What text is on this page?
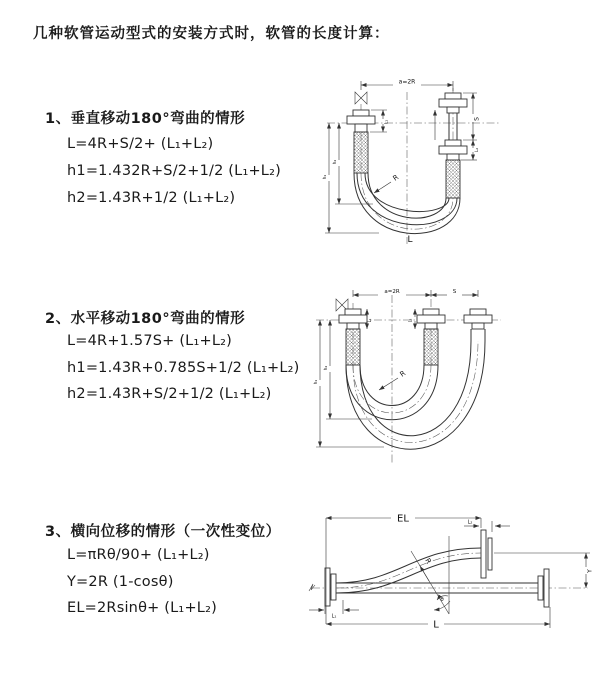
几种软管运动型式的安装方式时，软管的长度计算：
1、垂直移动180°弯曲的情形
L=4R+S/2+ (L₁+L₂)
h1=1.432R+S/2+1/2 (L₁+L₂)
h2=1.43R+1/2 (L₁+L₂)
a=2R
S
L₂
L₁
h₁
h₂
R
L
2、水平移动180°弯曲的情形
L=4R+1.57S+ (L₁+L₂)
h1=1.43R+0.785S+1/2 (L₁+L₂)
h2=1.43R+S/2+1/2 (L₁+L₂)
a=2R	S
L₁	L₂
h₁
h₂
R
3、横向位移的情形（一次性变位）
L=πRθ/90+ (L₁+L₂)
Y=2R (1-cosθ)
EL=2Rsinθ+ (L₁+L₂)
EL	L₂
Y
R
θ
L₁
L
